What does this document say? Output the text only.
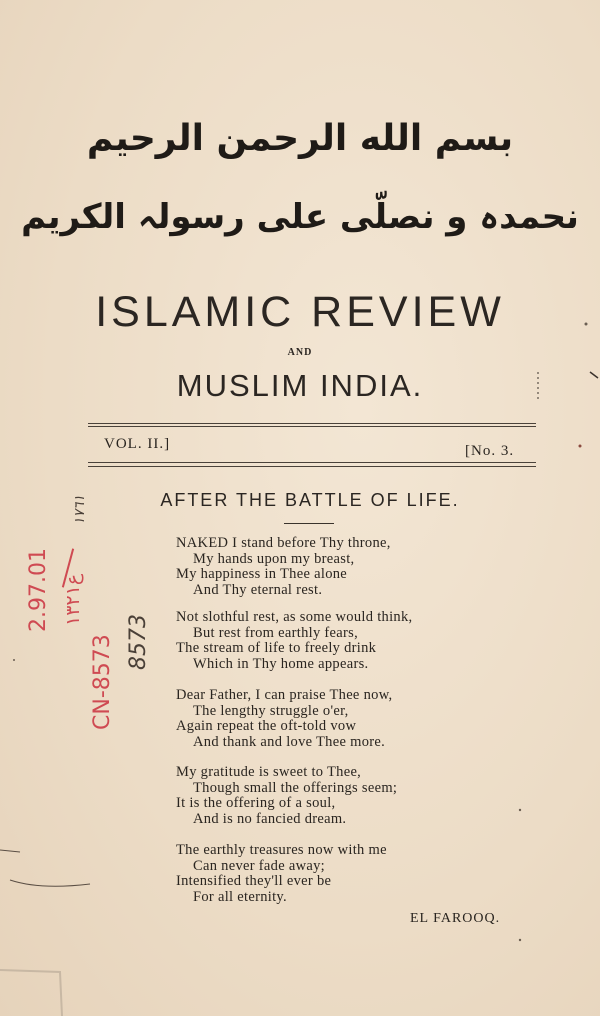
بسم الله الرحمن الرحیم
نحمدہ و نصلّی علی رسولہ الکریم
ISLAMIC REVIEW
AND
MUSLIM INDIA.
VOL. II.]	[No. 3.
AFTER THE BATTLE OF LIFE.
NAKED I stand before Thy throne,
My hands upon my breast,
My happiness in Thee alone
And Thy eternal rest.
Not slothful rest, as some would think,
But rest from earthly fears,
The stream of life to freely drink
Which in Thy home appears.
Dear Father, I can praise Thee now,
The lengthy struggle o'er,
Again repeat the oft-told vow
And thank and love Thee more.
My gratitude is sweet to Thee,
Though small the offerings seem;
It is the offering of a soul,
And is no fancied dream.
The earthly treasures now with me
Can never fade away;
Intensified they'll ever be
For all eternity.
EL FAROOQ.
2.97.01 ع١٣٢١
CN-8573
١٧٦١
8573
